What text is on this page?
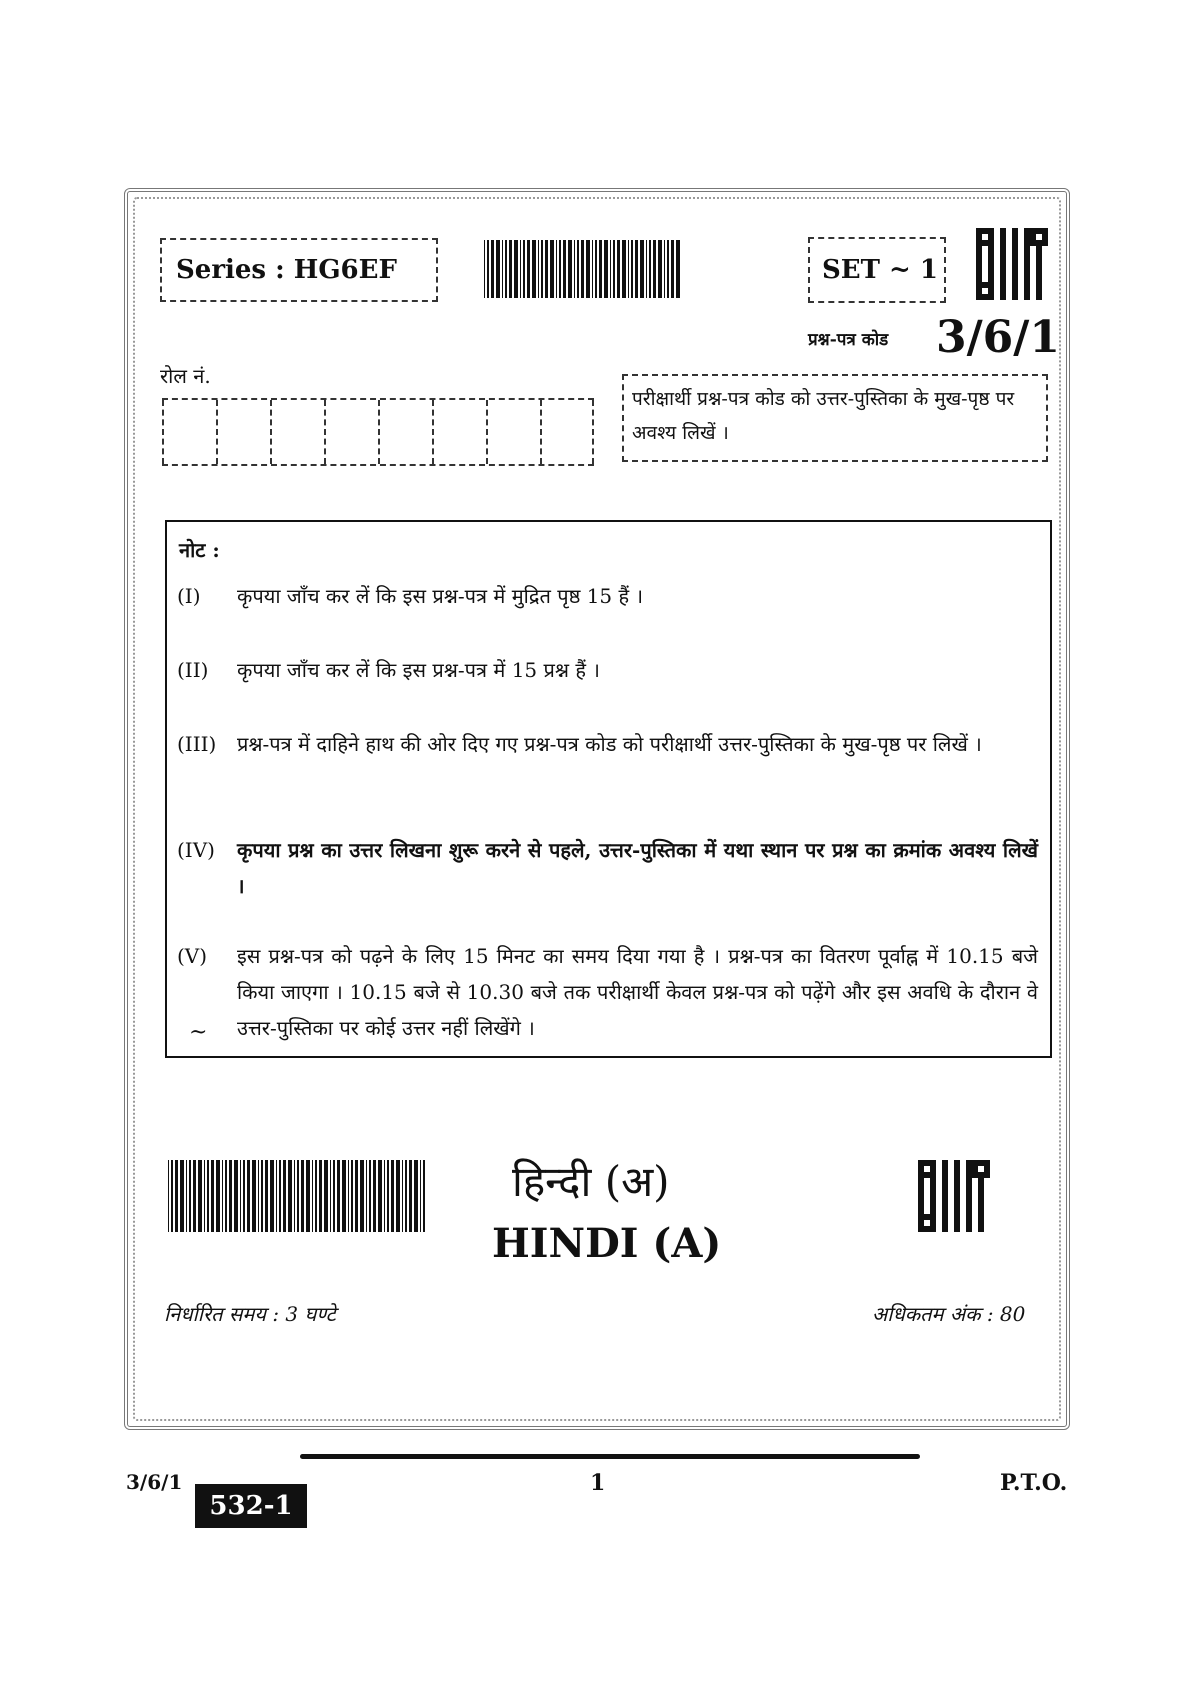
Series : HG6EF	SET ~ 1
प्रश्न-पत्र कोड 3/6/1
रोल नं.
परीक्षार्थी प्रश्न-पत्र कोड को उत्तर-पुस्तिका के मुख-पृष्ठ पर अवश्य लिखें ।
नोट :
(I)	कृपया जाँच कर लें कि इस प्रश्न-पत्र में मुद्रित पृष्ठ 15 हैं ।
(II)	कृपया जाँच कर लें कि इस प्रश्न-पत्र में 15 प्रश्न हैं ।
(III)	प्रश्न-पत्र में दाहिने हाथ की ओर दिए गए प्रश्न-पत्र कोड को परीक्षार्थी उत्तर-पुस्तिका के मुख-पृष्ठ पर लिखें ।
(IV)	कृपया प्रश्न का उत्तर लिखना शुरू करने से पहले, उत्तर-पुस्तिका में यथा स्थान पर प्रश्न का क्रमांक अवश्य लिखें ।
(V)	इस प्रश्न-पत्र को पढ़ने के लिए 15 मिनट का समय दिया गया है । प्रश्न-पत्र का वितरण पूर्वाह्न में 10.15 बजे किया जाएगा । 10.15 बजे से 10.30 बजे तक परीक्षार्थी केवल प्रश्न-पत्र को पढ़ेंगे और इस अवधि के दौरान वे उत्तर-पुस्तिका पर कोई उत्तर नहीं लिखेंगे ।
~
हिन्दी (अ)
HINDI (A)
निर्धारित समय : 3 घण्टे	अधिकतम अंक : 80
3/6/1
532-1
1	P.T.O.
